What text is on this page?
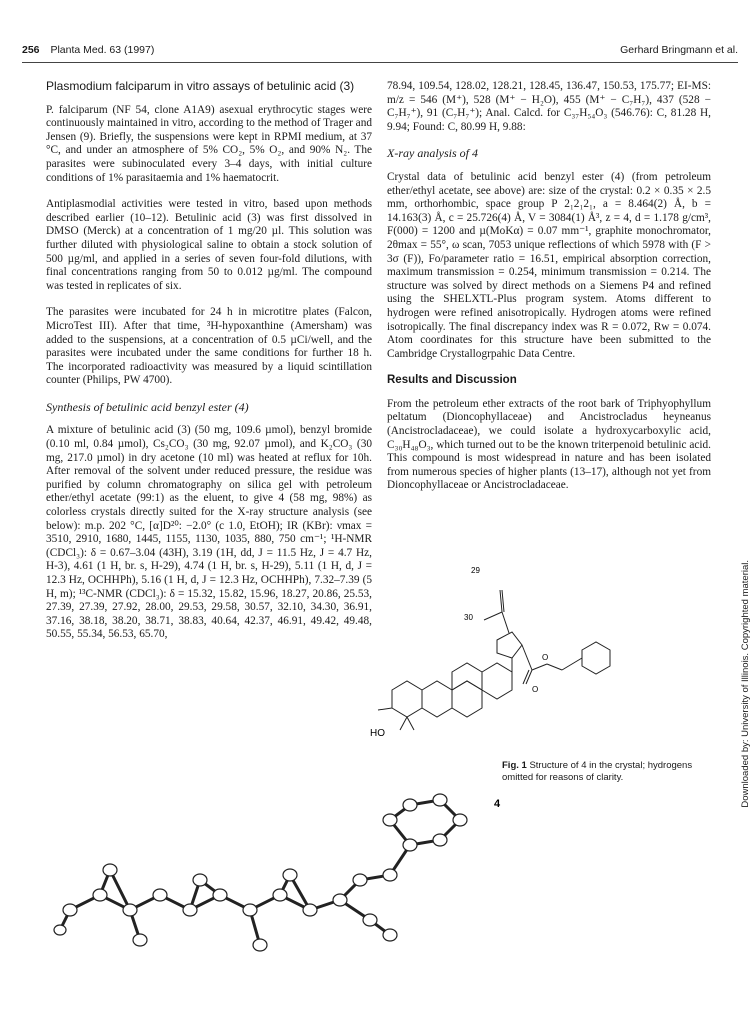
256 Planta Med. 63 (1997)	Gerhard Bringmann et al.
Plasmodium falciparum in vitro assays of betulinic acid (3)

P. falciparum (NF 54, clone A1A9) asexual erythrocytic stages were continuously maintained in vitro, according to the method of Trager and Jensen (9). Briefly, the suspensions were kept in RPMI medium, at 37 °C, and under an atmosphere of 5% CO₂, 5% O₂, and 90% N₂. The parasites were subinoculated every 3–4 days, with initial culture conditions of 1% parasitaemia and 1% haematocrit.

Antiplasmodial activities were tested in vitro, based upon methods described earlier (10–12). Betulinic acid (3) was first dissolved in DMSO (Merck) at a concentration of 1 mg/20 µl. This solution was further diluted with physiological saline to obtain a stock solution of 500 µg/ml, and applied in a series of seven four-fold dilutions, with final concentrations ranging from 50 to 0.012 µg/ml. The compound was tested in replicates of six.

The parasites were incubated for 24 h in microtitre plates (Falcon, MicroTest III). After that time, ³H-hypoxanthine (Amersham) was added to the suspensions, at a concentration of 0.5 µCi/well, and the parasites were incubated under the same conditions for further 18 h. The incorporated radioactivity was measured by a liquid scintillation counter (Philips, PW 4700).

Synthesis of betulinic acid benzyl ester (4)

A mixture of betulinic acid (3) (50 mg, 109.6 µmol), benzyl bromide (0.10 ml, 0.84 µmol), Cs₂CO₃ (30 mg, 92.07 µmol), and K₂CO₃ (30 mg, 217.0 µmol) in dry acetone (10 ml) was heated at reflux for 10h. After removal of the solvent under reduced pressure, the residue was purified by column chromatography on silica gel with petroleum ether/ethyl acetate (99:1) as the eluent, to give 4 (58 mg, 98%) as colorless crystals directly suited for the X-ray structure analysis (see below): m.p. 202 °C, [α]D²⁰: −2.0° (c 1.0, EtOH); IR (KBr): νmax = 3510, 2910, 1680, 1445, 1155, 1130, 1035, 880, 750 cm⁻¹; ¹H-NMR (CDCl₃): δ = 0.67–3.04 (43H), 3.19 (1H, dd, J = 11.5 Hz, J = 4.7 Hz, H-3), 4.61 (1 H, br. s, H-29), 4.74 (1 H, br. s, H-29), 5.11 (1 H, d, J = 12.3 Hz, OCHHPh), 5.16 (1 H, d, J = 12.3 Hz, OCHHPh), 7.32–7.39 (5 H, m); ¹³C-NMR (CDCl₃): δ = 15.32, 15.82, 15.96, 18.27, 20.86, 25.53, 27.39, 27.39, 27.92, 28.00, 29.53, 29.58, 30.57, 32.10, 34.30, 36.91, 37.16, 38.18, 38.20, 38.71, 38.83, 40.64, 42.37, 46.91, 49.42, 49.48, 50.55, 55.34, 56.53, 65.70,

78.94, 109.54, 128.02, 128.21, 128.45, 136.47, 150.53, 175.77; EI-MS: m/z = 546 (M⁺), 528 (M⁺ − H₂O), 455 (M⁺ − C₇H₇), 437 (528 − C₇H₇⁺), 91 (C₇H₇⁺); Anal. Calcd. for C₃₇H₅₄O₃ (546.76): C, 81.28 H, 9.94; Found: C, 80.99 H, 9.88:

X-ray analysis of 4

Crystal data of betulinic acid benzyl ester (4) (from petroleum ether/ethyl acetate, see above) are: size of the crystal: 0.2 × 0.35 × 2.5 mm, orthorhombic, space group P 2₁2₁2₁, a = 8.464(2) Å, b = 14.163(3) Å, c = 25.726(4) Å, V = 3084(1) Å³, z = 4, d = 1.178 g/cm³, F(000) = 1200 and µ(MoKα) = 0.07 mm⁻¹, graphite monochromator, 2θmax = 55°, ω scan, 7053 unique reflections of which 5978 with (F > 3σ (F)), Fo/parameter ratio = 16.51, empirical absorption correction, maximum transmission = 0.254, minimum transmission = 0.214. The structure was solved by direct methods on a Siemens P4 and refined using the SHELXTL-Plus program system. Atoms different to hydrogen were refined anisotropically. Hydrogen atoms were refined isotropically. The final discrepancy index was R = 0.072, Rw = 0.074. Atom coordinates for this structure have been submitted to the Cambridge Crystallogrpahic Data Centre.

Results and Discussion

From the petroleum ether extracts of the root bark of Triphyophyllum peltatum (Dioncophyllaceae) and Ancistrocladus heyneanus (Ancistrocladaceae), we could isolate a hydroxycarboxylic acid, C₃₀H₄₈O₃, which turned out to be the known triterpenoid betulinic acid. This compound is most widespread in nature and has been isolated from numerous species of higher plants (13–17), although not yet from Dioncophyllaceae or Ancistrocladaceae.

29
30
O
O
HO
4
Fig. 1 Structure of 4 in the crystal; hydrogens omitted for reasons of clarity.	Downloaded by: University of Illinois. Copyrighted material.
